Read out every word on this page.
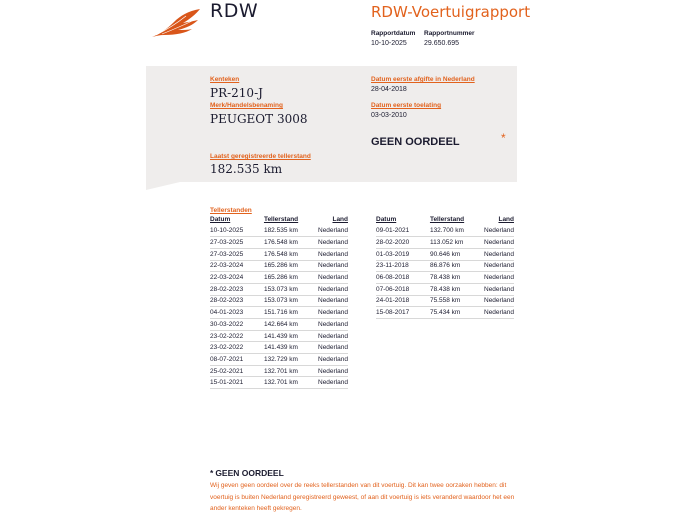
RDW	RDW-Voertuigrapport
Rapportdatum
10-10-2025
Rapportnummer
29.650.695
Kenteken
PR-210-J
Merk/Handelsbenaming
PEUGEOT 3008
Laatst geregistreerde tellerstand
182.535 km
Datum eerste afgifte in Nederland
28-04-2018
Datum eerste toelating
03-03-2010
GEEN OORDEEL	*
Tellerstanden
Datum	Tellerstand	Land
10-10-2025	182.535 km	Nederland
27-03-2025	176.548 km	Nederland
27-03-2025	176.548 km	Nederland
22-03-2024	165.286 km	Nederland
22-03-2024	165.286 km	Nederland
28-02-2023	153.073 km	Nederland
28-02-2023	153.073 km	Nederland
04-01-2023	151.716 km	Nederland
30-03-2022	142.664 km	Nederland
23-02-2022	141.439 km	Nederland
23-02-2022	141.439 km	Nederland
08-07-2021	132.729 km	Nederland
25-02-2021	132.701 km	Nederland
15-01-2021	132.701 km	Nederland
Datum	Tellerstand	Land
09-01-2021	132.700 km	Nederland
28-02-2020	113.052 km	Nederland
01-03-2019	90.646 km	Nederland
23-11-2018	86.876 km	Nederland
06-08-2018	78.438 km	Nederland
07-06-2018	78.438 km	Nederland
24-01-2018	75.558 km	Nederland
15-08-2017	75.434 km	Nederland
* GEEN OORDEEL
Wij geven geen oordeel over de reeks tellerstanden van dit voertuig. Dit kan twee oorzaken hebben: dit voertuig is buiten Nederland geregistreerd geweest, of aan dit voertuig is iets veranderd waardoor het een ander kenteken heeft gekregen.
